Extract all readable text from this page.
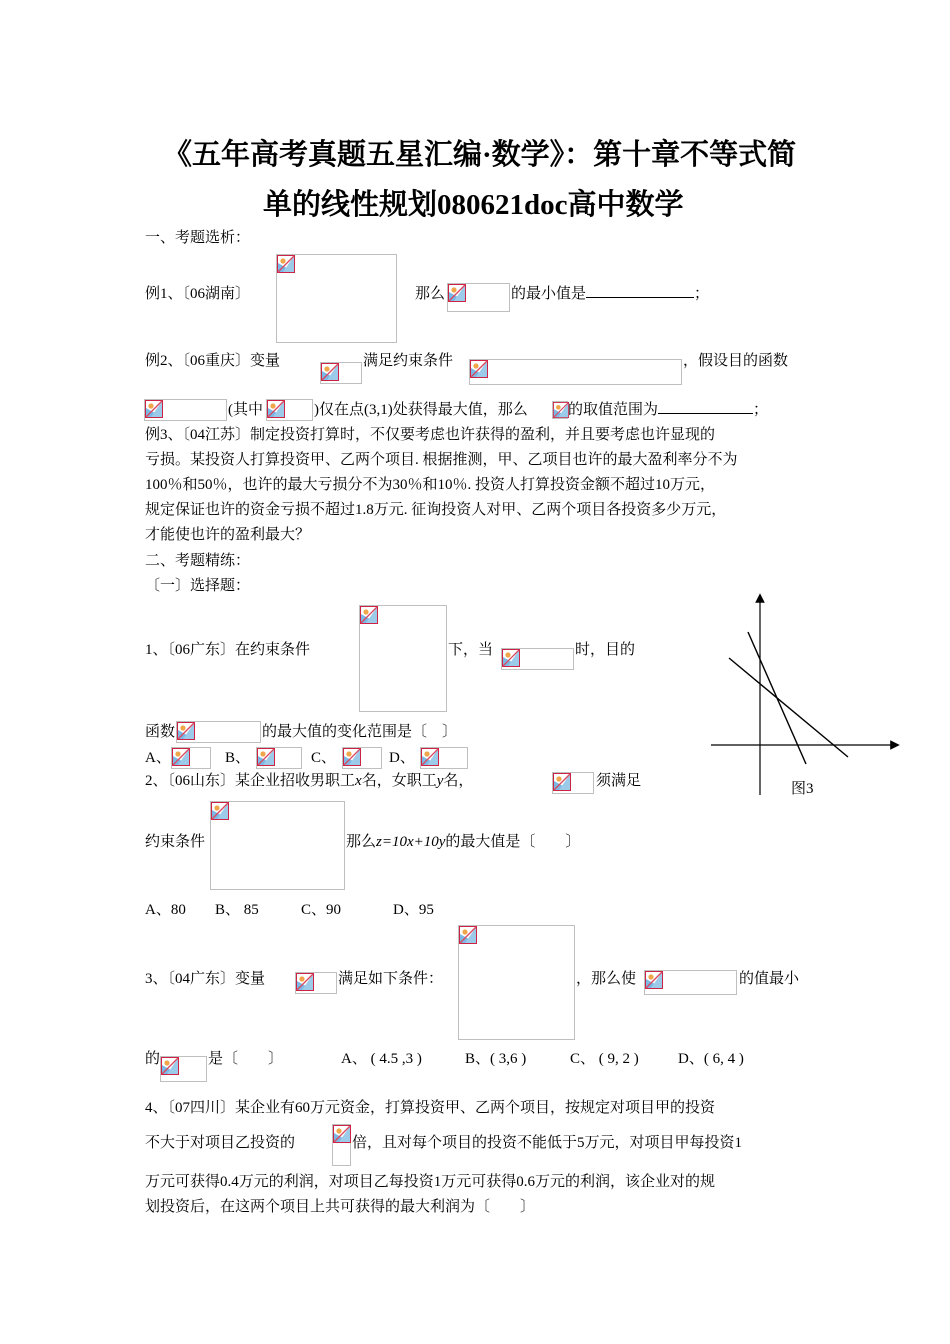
《五年高考真题五星汇编·数学》：第十章不等式简
单的线性规划080621doc高中数学
一、考题选析：
例1、〔06湖南〕	那么	的最小值是	；
例2、〔06重庆〕变量	满足约束条件	，假设目的函数
(其中	)仅在点(3,1)处获得最大值，那么	的取值范围为	；
例3、〔04江苏〕制定投资打算时，不仅要考虑也许获得的盈利，并且要考虑也许显现的
亏损。某投资人打算投资甲、乙两个项目. 根据推测，甲、乙项目也许的最大盈利率分不为
100％和50％，也许的最大亏损分不为30％和10％. 投资人打算投资金额不超过10万元，
规定保证也许的资金亏损不超过1.8万元. 征询投资人对甲、乙两个项目各投资多少万元，
才能使也许的盈利最大？
二、考题精练：
〔一〕选择题：
1、〔06广东〕在约束条件	下，当	时，目的
函数	的最大值的变化范围是〔　〕
A、	B、	C、	D、
图3
2、〔06山东〕某企业招收男职工x名，女职工y名，	须满足
约束条件	那么z=10x+10y的最大值是〔　　〕
A、80 B、 85	C、90	D、95
3、〔04广东〕变量	满足如下条件：	，那么使	的值最小
的	是〔　　〕	A、 ( 4.5 ,3 )	B、( 3,6 )	C、 ( 9, 2 )	D、( 6, 4 )
4、〔07四川〕某企业有60万元资金，打算投资甲、乙两个项目，按规定对项目甲的投资
不大于对项目乙投资的	倍，且对每个项目的投资不能低于5万元，对项目甲每投资1
万元可获得0.4万元的利润，对项目乙每投资1万元可获得0.6万元的利润，该企业对的规
划投资后，在这两个项目上共可获得的最大利润为〔　　〕
